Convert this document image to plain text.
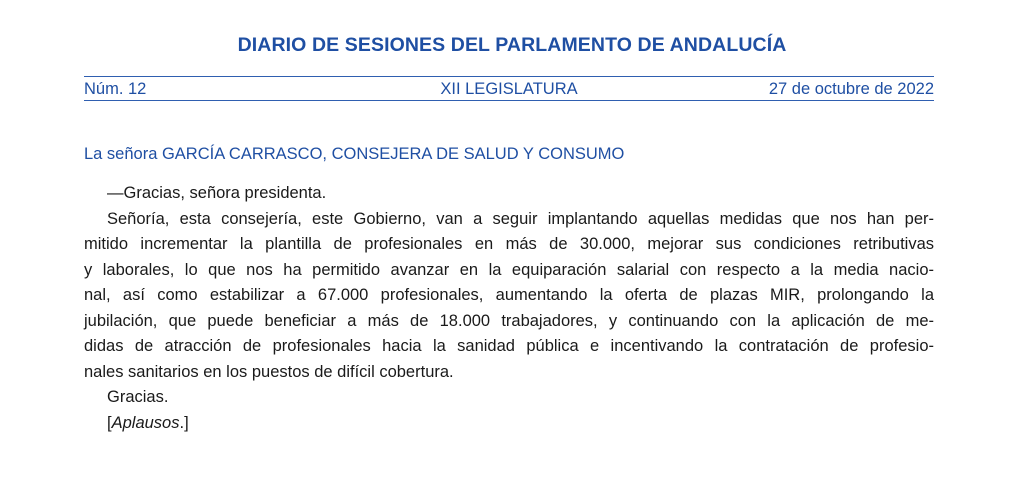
DIARIO DE SESIONES DEL PARLAMENTO DE ANDALUCÍA
Núm. 12	XII LEGISLATURA	27 de octubre de 2022
La señora GARCÍA CARRASCO, CONSEJERA DE SALUD Y CONSUMO
—Gracias, señora presidenta.
Señoría, esta consejería, este Gobierno, van a seguir implantando aquellas medidas que nos han per-
mitido incrementar la plantilla de profesionales en más de 30.000, mejorar sus condiciones retributivas
y laborales, lo que nos ha permitido avanzar en la equiparación salarial con respecto a la media nacio-
nal, así como estabilizar a 67.000 profesionales, aumentando la oferta de plazas MIR, prolongando la
jubilación, que puede beneficiar a más de 18.000 trabajadores, y continuando con la aplicación de me-
didas de atracción de profesionales hacia la sanidad pública e incentivando la contratación de profesio-
nales sanitarios en los puestos de difícil cobertura.
Gracias.
[Aplausos.]
